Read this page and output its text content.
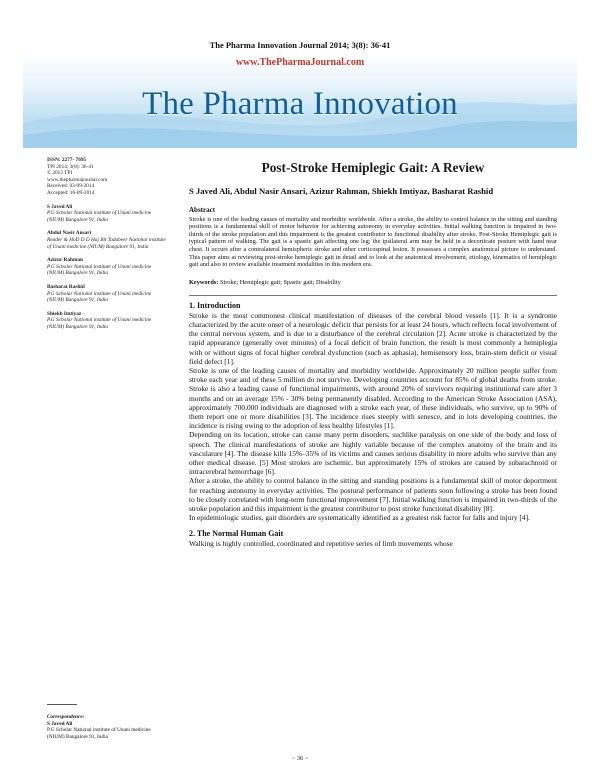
The Pharma Innovation Journal 2014; 3(8): 36-41
www.ThePharmaJournal.com
The Pharma Innovation
ISSN: 2277- 7695
TPI 2014; 3(8): 36-41
© 2013 TPI
www.thepharmajournal.com
Received: 03-09-2014
Accepted: 16-09-2014
S Javed Ali
P.G Scholar National institute of Unani medicine (NIUM) Bangalore 91, India
Abdul Nasir Ansari
Reader & HoD D D Haj Bit Tadabeer National institute of Unani medicine (NIUM) Bangalore 91, India
Azizur Rahman
P.G Scholar National institute of Unani medicine (NIUM) Bangalore 91, India
Basharat Rashid
P.G Scholar National institute of Unani medicine (NIUM) Bangalore 91, India
Shiekh Imtiyaz
P.G Scholar National institute of Unani medicine (NIUM) Bangalore 91, India
Correspondence:
S Javed Ali
P.G Scholar National institute of Unani medicine (NIUM) Bangalore 91, India
Post-Stroke Hemiplegic Gait: A Review
S Javed Ali, Abdul Nasir Ansari, Azizur Rahman, Shiekh Imtiyaz, Basharat Rashid
Abstract
Stroke is one of the leading causes of mortality and morbidity worldwide. After a stroke, the ability to control balance in the sitting and standing positions is a fundamental skill of motor behavior for achieving autonomy in everyday activities. Initial walking function is impaired in two-thirds of the stroke population and this impairment is the greatest contributor to functional disability after stroke. Post-Stroke Hemiplegic gait is typical pattern of walking. The gait is a spastic gait affecting one leg; the ipsilateral arm may be held in a decorticate posture with hand near chest. It occurs after a contralateral hemispheric stroke and other corticospinal lesion. It possesses a complex anatomical picture to understand. This paper aims at reviewing post-stroke hemiplegic gait in detail and to look at the anatomical involvement, etiology, kinematics of hemiplegic gait and also to review available treatment modalities in this modern era.
Keywords: Stroke; Hemiplegic gait; Spastic gait; Disability
1. Introduction

Stroke is the most commonest clinical manifestation of diseases of the cerebral blood vessels [1]. It is a syndrome characterized by the acute onset of a neurologic deficit that persists for at least 24 hours, which reflects focal involvement of the central nervous system, and is due to a disturbance of the cerebral circulation [2]. Acute stroke is characterized by the rapid appearance (generally over minutes) of a focal deficit of brain function, the result is most commonly a hemiplegia with or without signs of focal higher cerebral dysfunction (such as aphasia), hemisensory loss, brain-stem deficit or visual field defect [1].

Stroke is one of the leading causes of mortality and morbidity worldwide. Approximately 20 million people suffer from stroke each year and of these 5 million do not survive. Developing countries account for 85% of global deaths from stroke. Stroke is also a leading cause of functional impairments, with around 20% of survivors requiring institutional care after 3 months and on an average 15% - 30% being permanently disabled. According to the American Stroke Association (ASA), approximately 700,000 individuals are diagnosed with a stroke each year, of these individuals, who survive, up to 90% of them report one or more disabilities [3]. The incidence rises steeply with senesce, and in lots developing countries, the incidence is rising owing to the adoption of less healthy lifestyles [1].

Depending on its location, stroke can cause many perm disorders, suchlike paralysis on one side of the body and loss of speech. The clinical manifestations of stroke are highly variable because of the complex anatomy of the brain and its vasculature [4]. The disease kills 15%–35% of its victims and causes serious disability in more adults who survive than any other medical disease. [5] Most strokes are ischemic, but approximately 15% of strokes are caused by subarachnoid or intracerebral hemorrhage [6].

After a stroke, the ability to control balance in the sitting and standing positions is a fundamental skill of motor deportment for reaching autonomy in everyday activities. The postural performance of patients soon following a stroke has been found to be closely correlated with long-term functional improvement [7]. Initial walking function is impaired in two-thirds of the stroke population and this impairment is the greatest contributor to post stroke functional disability [8].

In epidemiologic studies, gait disorders are systematically identified as a greatest risk factor for falls and injury [4].

2. The Normal Human Gait

Walking is highly controlled, coordinated and repetitive series of limb movements whose

~ 36 ~
